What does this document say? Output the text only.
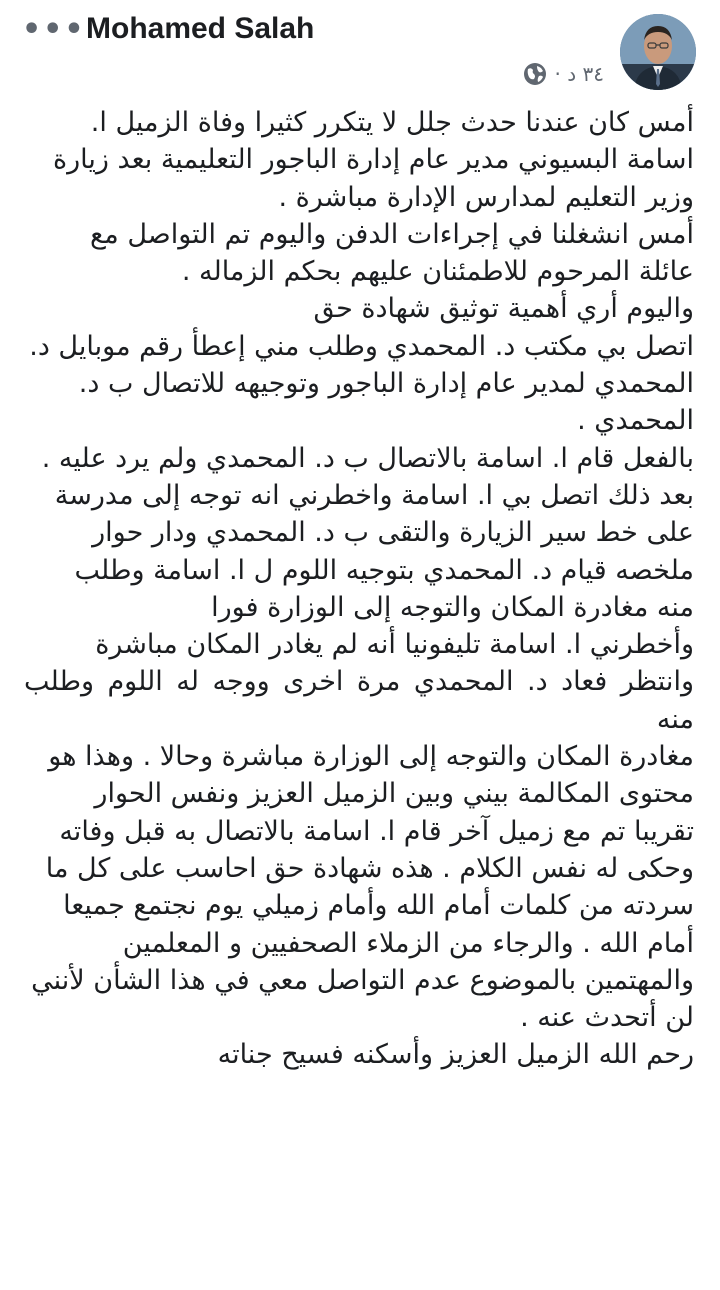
••• Mohamed Salah
٣٤ د ·

أمس كان عندنا حدث جلل لا يتكرر كثيرا وفاة الزميل ا.

اسامة البسيوني مدير عام إدارة الباجور التعليمية بعد زيارة

وزير التعليم لمدارس الإدارة مباشرة .

أمس انشغلنا في إجراءات الدفن واليوم تم التواصل مع

عائلة المرحوم للاطمئنان عليهم بحكم الزماله .

واليوم أري أهمية توثيق شهادة حق

اتصل بي مكتب د. المحمدي وطلب مني إعطأ رقم موبايل د.

المحمدي لمدير عام إدارة الباجور وتوجيهه للاتصال ب د.

المحمدي .

بالفعل قام ا. اسامة بالاتصال ب د. المحمدي ولم يرد عليه .

بعد ذلك اتصل بي ا. اسامة واخطرني انه توجه إلى مدرسة

على خط سير الزيارة والتقى ب د. المحمدي ودار حوار

ملخصه قيام د. المحمدي بتوجيه اللوم ل ا. اسامة وطلب

منه مغادرة المكان والتوجه إلى الوزارة فورا

وأخطرني ا. اسامة تليفونيا أنه لم يغادر المكان مباشرة

وانتظر فعاد د. المحمدي مرة اخرى ووجه له اللوم وطلب منه

مغادرة المكان والتوجه إلى الوزارة مباشرة وحالا . وهذا هو

محتوى المكالمة بيني وبين الزميل العزيز ونفس الحوار

تقريبا تم مع زميل آخر قام ا. اسامة بالاتصال به قبل وفاته

وحكى له نفس الكلام . هذه شهادة حق احاسب على كل ما

سردته من كلمات أمام الله وأمام زميلي يوم نجتمع جميعا

أمام الله . والرجاء من الزملاء الصحفيين و المعلمين

والمهتمين بالموضوع عدم التواصل معي في هذا الشأن لأنني

لن أتحدث عنه .

رحم الله الزميل العزيز وأسكنه فسيح جناته
